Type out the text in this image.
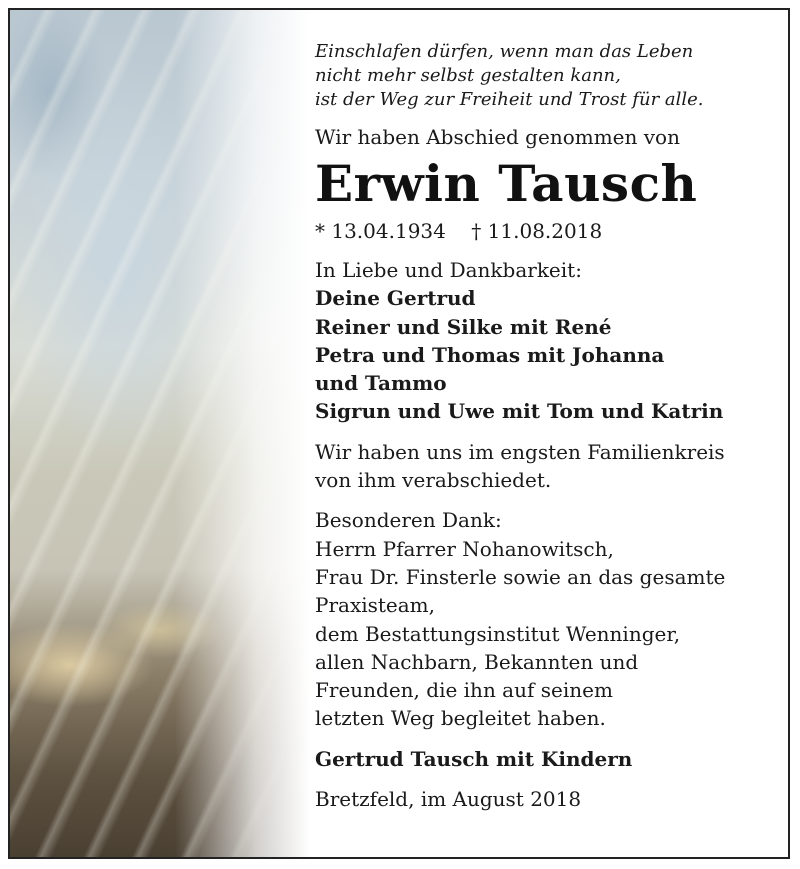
Einschlafen dürfen, wenn man das Leben

nicht mehr selbst gestalten kann,

ist der Weg zur Freiheit und Trost für alle.

Wir haben Abschied genommen von

Erwin Tausch

* 13.04.1934    † 11.08.2018

In Liebe und Dankbarkeit:

Deine Gertrud

Reiner und Silke mit René

Petra und Thomas mit Johanna

und Tammo

Sigrun und Uwe mit Tom und Katrin

Wir haben uns im engsten Familienkreis

von ihm verabschiedet.

Besonderen Dank:

Herrn Pfarrer Nohanowitsch,

Frau Dr. Finsterle sowie an das gesamte

Praxisteam,

dem Bestattungsinstitut Wenninger,

allen Nachbarn, Bekannten und

Freunden, die ihn auf seinem

letzten Weg begleitet haben.

Gertrud Tausch mit Kindern

Bretzfeld, im August 2018
